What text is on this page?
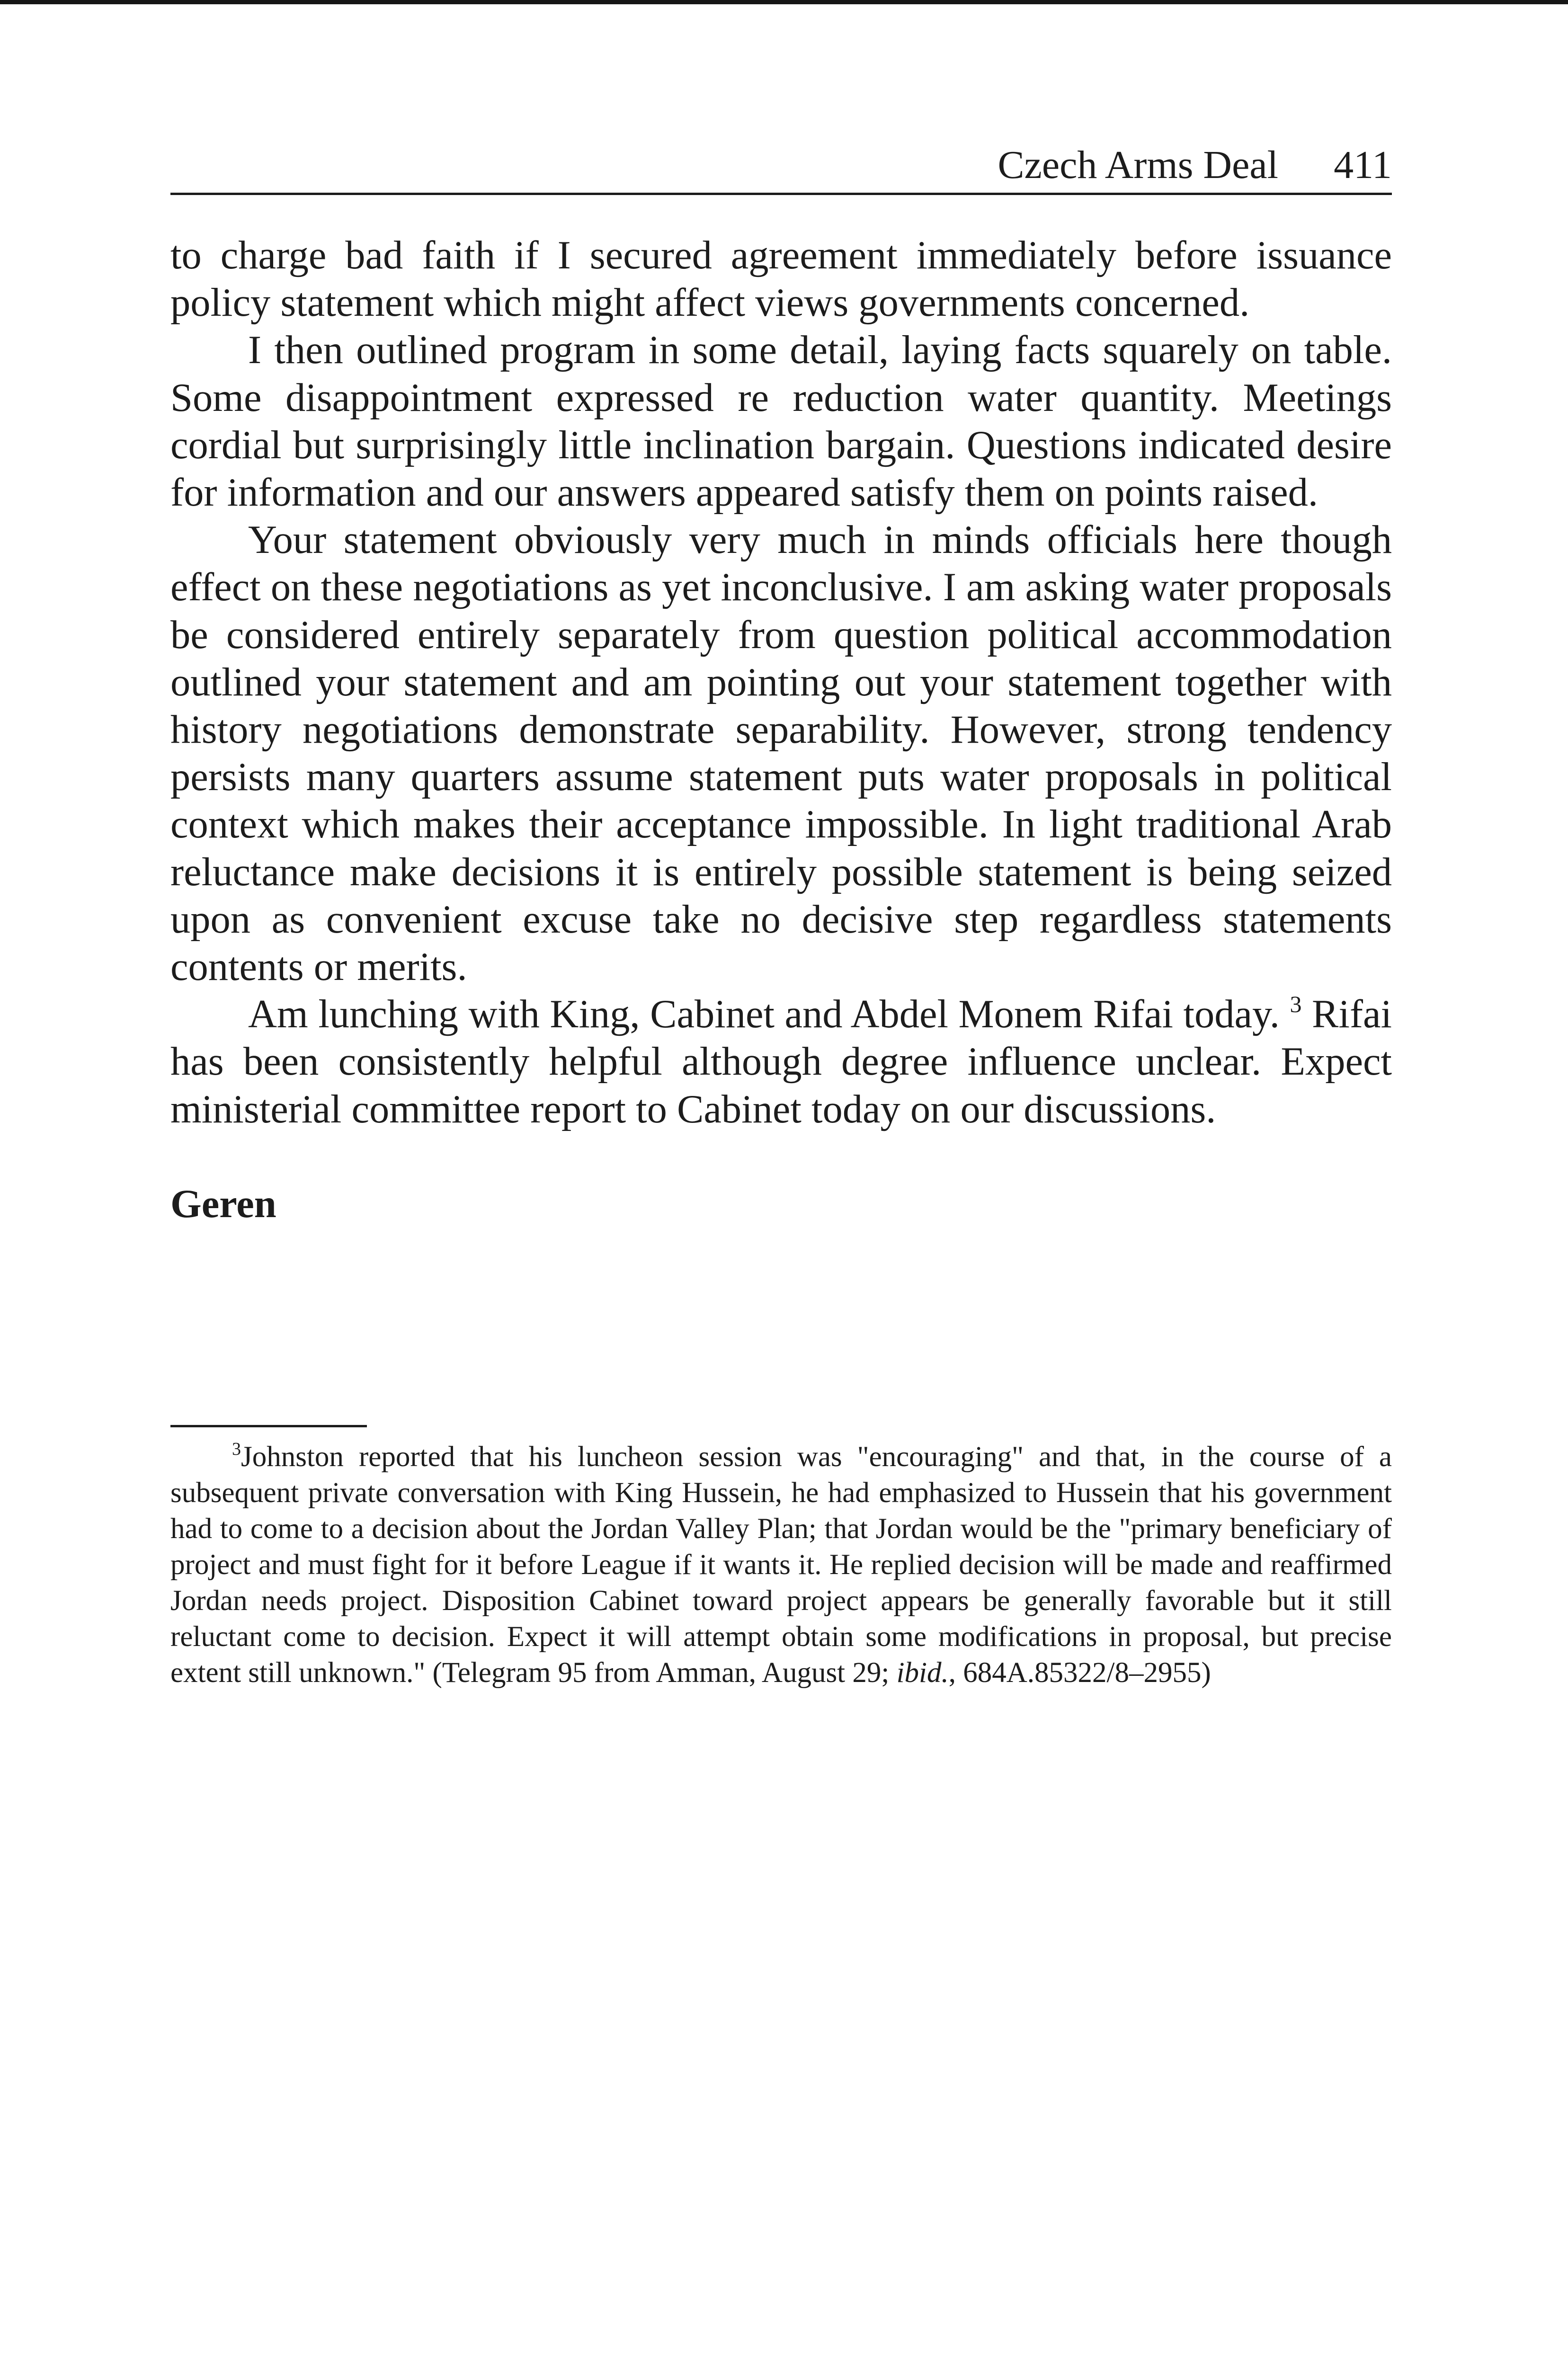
Czech Arms Deal 411

to charge bad faith if I secured agreement immediately before issuance policy statement which might affect views governments concerned.

I then outlined program in some detail, laying facts squarely on table. Some disappointment expressed re reduction water quantity. Meetings cordial but surprisingly little inclination bargain. Questions indicated desire for information and our answers appeared satisfy them on points raised.

Your statement obviously very much in minds officials here though effect on these negotiations as yet inconclusive. I am asking water proposals be considered entirely separately from question political accommodation outlined your statement and am pointing out your statement together with history negotiations demonstrate separability. However, strong tendency persists many quarters assume statement puts water proposals in political context which makes their acceptance impossible. In light traditional Arab reluctance make decisions it is entirely possible statement is being seized upon as convenient excuse take no decisive step regardless statements contents or merits.

Am lunching with King, Cabinet and Abdel Monem Rifai today. $^3$ Rifai has been consistently helpful although degree influence unclear. Expect ministerial committee report to Cabinet today on our discussions.

Geren

$^3$Johnston reported that his luncheon session was "encouraging" and that, in the course of a subsequent private conversation with King Hussein, he had emphasized to Hussein that his government had to come to a decision about the Jordan Valley Plan; that Jordan would be the "primary beneficiary of project and must fight for it before League if it wants it. He replied decision will be made and reaffirmed Jordan needs project. Disposition Cabinet toward project appears be generally favorable but it still reluctant come to decision. Expect it will attempt obtain some modifications in proposal, but precise extent still unknown." (Telegram 95 from Amman, August 29; ibid., 684A.85322/8–2955)
